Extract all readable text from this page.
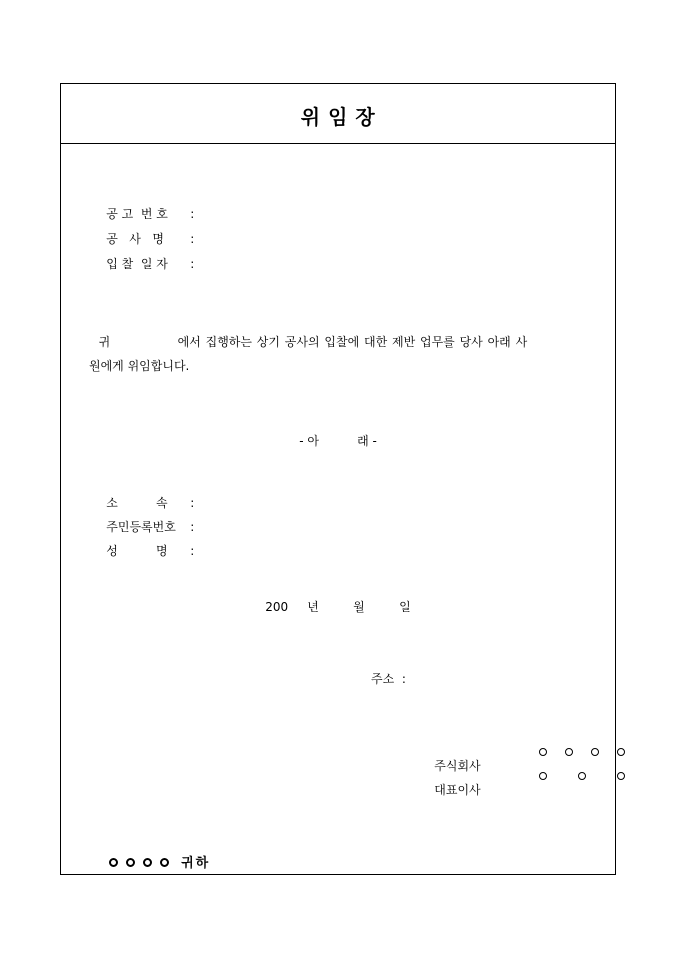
위 임 장

공 고  번 호 :

공   사   명 :

입 찰  일 자 :

귀              에서 집행하는 상기 공사의 입찰에 대한 제반 업무를 당사 아래 사
원에게 위임합니다.
- 아          래 -

소          속 :

주민등록번호 :

성          명 :

200     년         월         일
주소  :

주식회사

대표이사

귀하
